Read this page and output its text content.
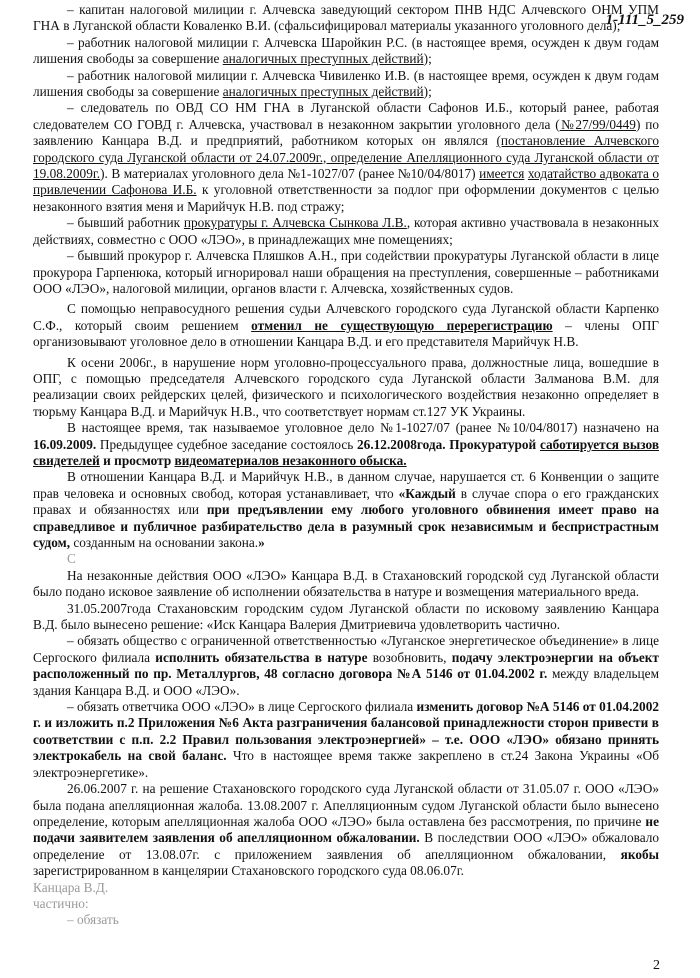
1-111_5_259

– капитан налоговой милиции г. Алчевска заведующий сектором ПНВ НДС Алчевского ОНМ УПМ ГНА в Луганской области Коваленко В.И. (сфальсифицировал материалы указанного уголовного дела);

– работник налоговой милиции г. Алчевска Шаройкин Р.С. (в настоящее время, осужден к двум годам лишения свободы за совершение аналогичных преступных действий);

– работник налоговой милиции г. Алчевска Чивиленко И.В. (в настоящее время, осужден к двум годам лишения свободы за совершение аналогичных преступных действий);

– следователь по ОВД СО НМ ГНА в Луганской области Сафонов И.Б., который ранее, работая следователем СО ГОВД г. Алчевска, участвовал в незаконном закрытии уголовного дела (№27/99/0449) по заявлению Канцара В.Д. и предприятий, работником которых он являлся (постановление Алчевского городского суда Луганской области от 24.07.2009г., определение Апелляционного суда Луганской области от 19.08.2009г.). В материалах уголовного дела №1-1027/07 (ранее №10/04/8017) имеется ходатайство адвоката о привлечении Сафонова И.Б. к уголовной ответственности за подлог при оформлении документов с целью незаконного взятия меня и Марийчук Н.В. под стражу;

– бывший работник прокуратуры г. Алчевска Сынкова Л.В., которая активно участвовала в незаконных действиях, совместно с ООО «ЛЭО», в принадлежащих мне помещениях;

– бывший прокурор г. Алчевска Пляшков А.Н., при содействии прокуратуры Луганской области в лице прокурора Гарпенюка, который игнорировал наши обращения на преступления, совершенные – работниками ООО «ЛЭО», налоговой милиции, органов власти г. Алчевска, хозяйственных судов.

С помощью неправосудного решения судьи Алчевского городского суда Луганской области Карпенко С.Ф., который своим решением отменил не существующую перерегистрацию – члены ОПГ организовывают уголовное дело в отношении Канцара В.Д. и его представителя Марийчук Н.В.

К осени 2006г., в нарушение норм уголовно-процессуального права, должностные лица, вошедшие в ОПГ, с помощью председателя Алчевского городского суда Луганской области Залманова В.М. для реализации своих рейдерских целей, физического и психологического воздействия незаконно определяет в тюрьму Канцара В.Д. и Марийчук Н.В., что соответствует нормам ст.127 УК Украины.

В настоящее время, так называемое уголовное дело №1-1027/07 (ранее №10/04/8017) назначено на 16.09.2009. Предыдущее судебное заседание состоялось 26.12.2008года. Прокуратурой саботируется вызов свидетелей и просмотр видеоматериалов незаконного обыска.

В отношении Канцара В.Д. и Марийчук Н.В., в данном случае, нарушается ст. 6 Конвенции о защите прав человека и основных свобод, которая устанавливает, что «Каждый в случае спора о его гражданских правах и обязанностях или при предъявлении ему любого уголовного обвинения имеет право на справедливое и публичное разбирательство дела в разумный срок независимым и беспристрастным судом, созданным на основании закона.»

С

На незаконные действия ООО «ЛЭО» Канцара В.Д. в Стахановский городской суд Луганской области было подано исковое заявление об исполнении обязательства в натуре и возмещения материального вреда.

31.05.2007года Стахановским городским судом Луганской области по исковому заявлению Канцара В.Д. было вынесено решение: «Иск Канцара Валерия Дмитриевича удовлетворить частично.

– обязать общество с ограниченной ответственностью «Луганское энергетическое объединение» в лице Сергоского филиала исполнить обязательства в натуре возобновить, подачу электроэнергии на объект расположенный по пр. Металлургов, 48 согласно договора №А 5146 от 01.04.2002 г. между владельцем здания Канцара В.Д. и ООО «ЛЭО».

– обязать ответчика ООО «ЛЭО» в лице Сергоского филиала изменить договор №А 5146 от 01.04.2002 г. и изложить п.2 Приложения №6 Акта разграничения балансовой принадлежности сторон привести в соответствии с п.п. 2.2 Правил пользования электроэнергией» – т.е. ООО «ЛЭО» обязано принять электрокабель на свой баланс. Что в настоящее время также закреплено в ст.24 Закона Украины «Об электроэнергетике».

26.06.2007 г. на решение Стахановского городского суда Луганской области от 31.05.07 г. ООО «ЛЭО» была подана апелляционная жалоба. 13.08.2007 г. Апелляционным судом Луганской области было вынесено определение, которым апелляционная жалоба ООО «ЛЭО» была оставлена без рассмотрения, по причине не подачи заявителем заявления об апелляционном обжаловании. В последствии ООО «ЛЭО» обжаловало определение от 13.08.07г. с приложением заявления об апелляционном обжаловании, якобы зарегистрированном в канцелярии Стахановского городского суда 08.06.07г.

Канцара В.Д.

частично:

– обязать

2
